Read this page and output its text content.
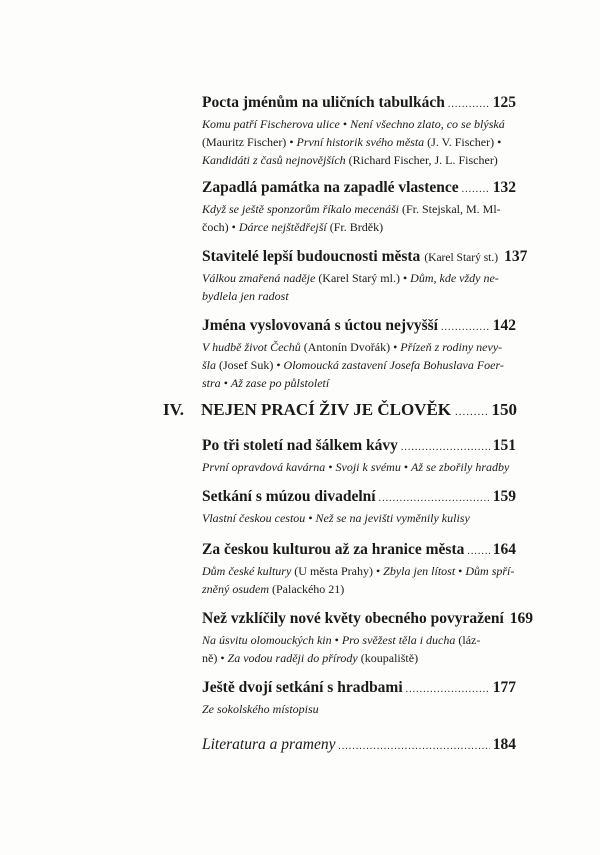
Pocta jménům na uličních tabulkách .....	125
Komu patří Fischerova ulice • Není všechno zlato, co se blýská
(Mauritz Fischer) • První historik svého města (J. V. Fischer) •
Kandidáti z časů nejnovějších (Richard Fischer, J. L. Fischer)
Zapadlá památka na zapadlé vlastence ..... 132
Když se ještě sponzorům říkalo mecenáši (Fr. Stejskal, M. Ml-
čoch) • Dárce nejštědřejší (Fr. Brděk)
Stavitelé lepší budoucnosti města (Karel Starý st.) 137
Válkou zmařená naděje (Karel Starý ml.) • Dům, kde vždy ne-
bydlela jen radost
Jména vyslovovaná s úctou nejvyšší .....	142
V hudbě život Čechů (Antonín Dvořák) • Přízeň z rodiny nevy-
šla (Josef Suk) • Olomoucká zastavení Josefa Bohuslava Foer-
stra • Až zase po půlstoletí
IV.	NEJEN PRACÍ ŽIV JE ČLOVĚK ..... 150
Po tři století nad šálkem kávy .....	151
První opravdová kavárna • Svoji k svému • Až se zbořily hradby
Setkání s múzou divadelní .....	159
Vlastní českou cestou • Než se na jevišti vyměnily kulisy
Za českou kulturou až za hranice města ..... 164
Dům české kultury (U města Prahy) • Zbyla jen lítost • Dům spří-
zněný osudem (Palackého 21)
Než vzklíčily nové květy obecného povyražení 169
Na úsvitu olomouckých kin • Pro svěžest těla i ducha (láz-
ně) • Za vodou raději do přírody (koupaliště)
Ještě dvojí setkání s hradbami .....	177
Ze sokolského místopisu
Literatura a prameny .....	184
